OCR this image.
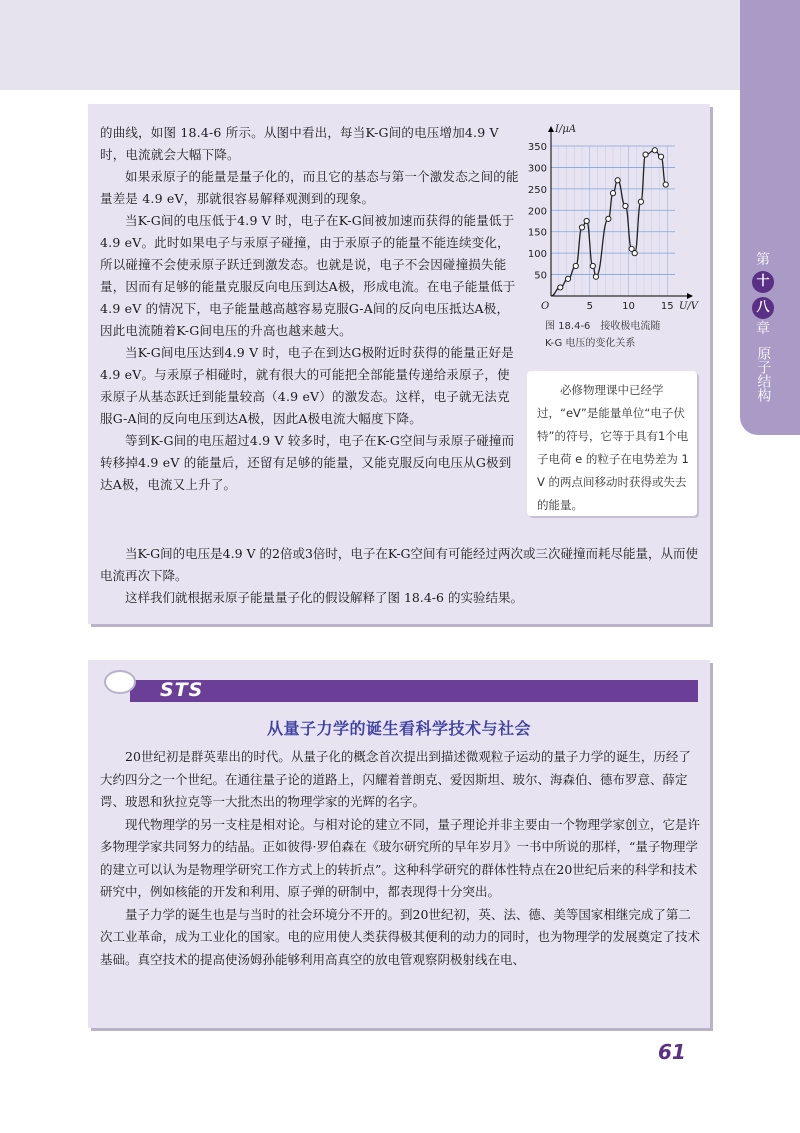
第
十
八
章
原子结构

的曲线，如图 18.4-6 所示。从图中看出，每当K-G间的电压增加4.9 V 时，电流就会大幅下降。

如果汞原子的能量是量子化的，而且它的基态与第一个激发态之间的能量差是 4.9 eV，那就很容易解释观测到的现象。

当K-G间的电压低于4.9 V 时，电子在K-G间被加速而获得的能量低于 4.9 eV。此时如果电子与汞原子碰撞，由于汞原子的能量不能连续变化，所以碰撞不会使汞原子跃迁到激发态。也就是说，电子不会因碰撞损失能量，因而有足够的能量克服反向电压到达A极，形成电流。在电子能量低于4.9 eV 的情况下，电子能量越高越容易克服G-A间的反向电压抵达A极，因此电流随着K-G间电压的升高也越来越大。

当K-G间电压达到4.9 V 时，电子在到达G极附近时获得的能量正好是4.9 eV。与汞原子相碰时，就有很大的可能把全部能量传递给汞原子，使汞原子从基态跃迁到能量较高（4.9 eV）的激发态。这样，电子就无法克服G-A间的反向电压到达A极，因此A极电流大幅度下降。

等到K-G间的电压超过4.9 V 较多时，电子在K-G空间与汞原子碰撞而转移掉4.9 eV 的能量后，还留有足够的能量，又能克服反向电压从G极到达A极，电流又上升了。

当K-G间的电压是4.9 V 的2倍或3倍时，电子在K-G空间有可能经过两次或三次碰撞而耗尽能量，从而使电流再次下降。

这样我们就根据汞原子能量量子化的假设解释了图 18.4-6 的实验结果。

50
100
150
200
250
300
350
5	10	15
O	U/V
I/μA
图 18.4-6　接收极电流随
K-G 电压的变化关系

必修物理课中已经学过，“eV”是能量单位“电子伏特”的符号，它等于具有1个电子电荷 e 的粒子在电势差为 1 V 的两点间移动时获得或失去的能量。

STS
从量子力学的诞生看科学技术与社会

20世纪初是群英辈出的时代。从量子化的概念首次提出到描述微观粒子运动的量子力学的诞生，历经了大约四分之一个世纪。在通往量子论的道路上，闪耀着普朗克、爱因斯坦、玻尔、海森伯、德布罗意、薛定谔、玻恩和狄拉克等一大批杰出的物理学家的光辉的名字。

现代物理学的另一支柱是相对论。与相对论的建立不同，量子理论并非主要由一个物理学家创立，它是许多物理学家共同努力的结晶。正如彼得·罗伯森在《玻尔研究所的早年岁月》一书中所说的那样，“量子物理学的建立可以认为是物理学研究工作方式上的转折点”。这种科学研究的群体性特点在20世纪后来的科学和技术研究中，例如核能的开发和利用、原子弹的研制中，都表现得十分突出。

量子力学的诞生也是与当时的社会环境分不开的。到20世纪初，英、法、德、美等国家相继完成了第二次工业革命，成为工业化的国家。电的应用使人类获得极其便利的动力的同时，也为物理学的发展奠定了技术基础。真空技术的提高使汤姆孙能够利用高真空的放电管观察阴极射线在电、

61
